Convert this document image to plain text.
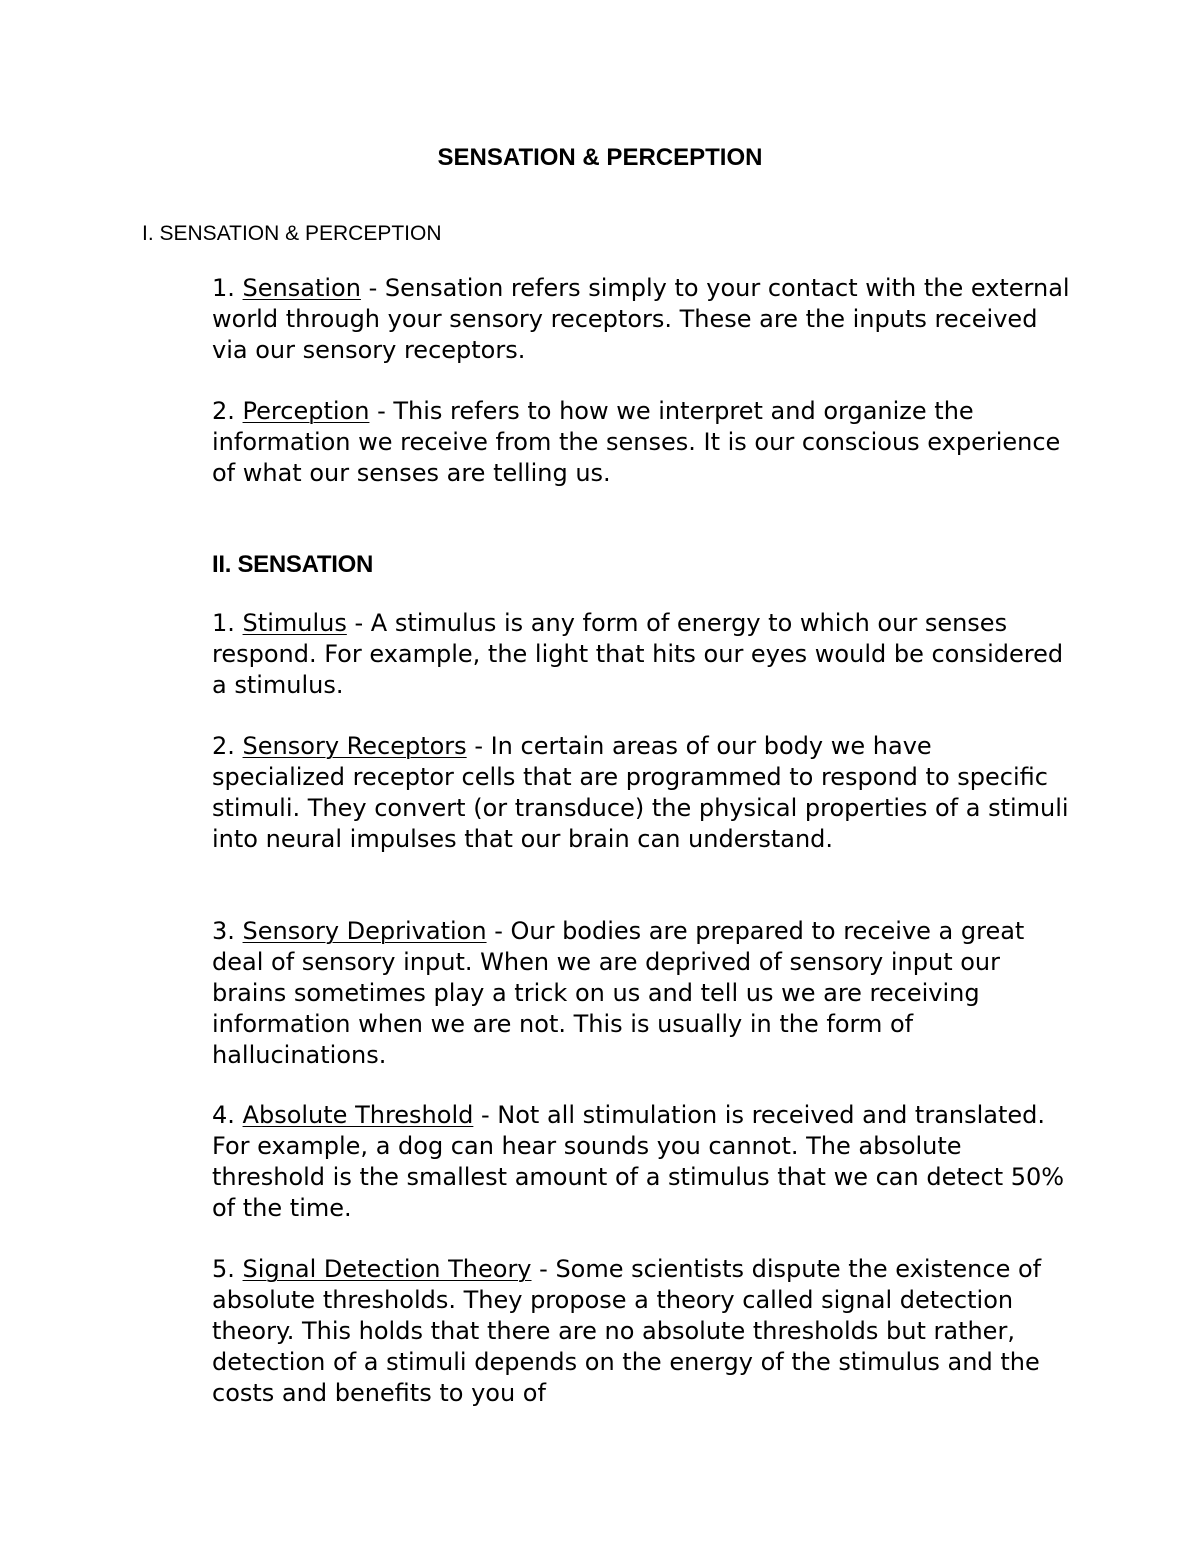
SENSATION & PERCEPTION

I. SENSATION & PERCEPTION

1. Sensation - Sensation refers simply to your contact with the external world through your sensory receptors. These are the inputs received via our sensory receptors.

2. Perception - This refers to how we interpret and organize the information we receive from the senses. It is our conscious experience of what our senses are telling us.

II. SENSATION

1. Stimulus - A stimulus is any form of energy to which our senses respond. For example, the light that hits our eyes would be considered a stimulus.

2. Sensory Receptors - In certain areas of our body we have specialized receptor cells that are programmed to respond to specific stimuli. They convert (or transduce) the physical properties of a stimuli into neural impulses that our brain can understand.

3. Sensory Deprivation - Our bodies are prepared to receive a great deal of sensory input. When we are deprived of sensory input our brains sometimes play a trick on us and tell us we are receiving information when we are not. This is usually in the form of hallucinations.

4. Absolute Threshold - Not all stimulation is received and translated. For example, a dog can hear sounds you cannot. The absolute threshold is the smallest amount of a stimulus that we can detect 50% of the time.

5. Signal Detection Theory - Some scientists dispute the existence of absolute thresholds. They propose a theory called signal detection theory. This holds that there are no absolute thresholds but rather, detection of a stimuli depends on the energy of the stimulus and the costs and benefits to you of
